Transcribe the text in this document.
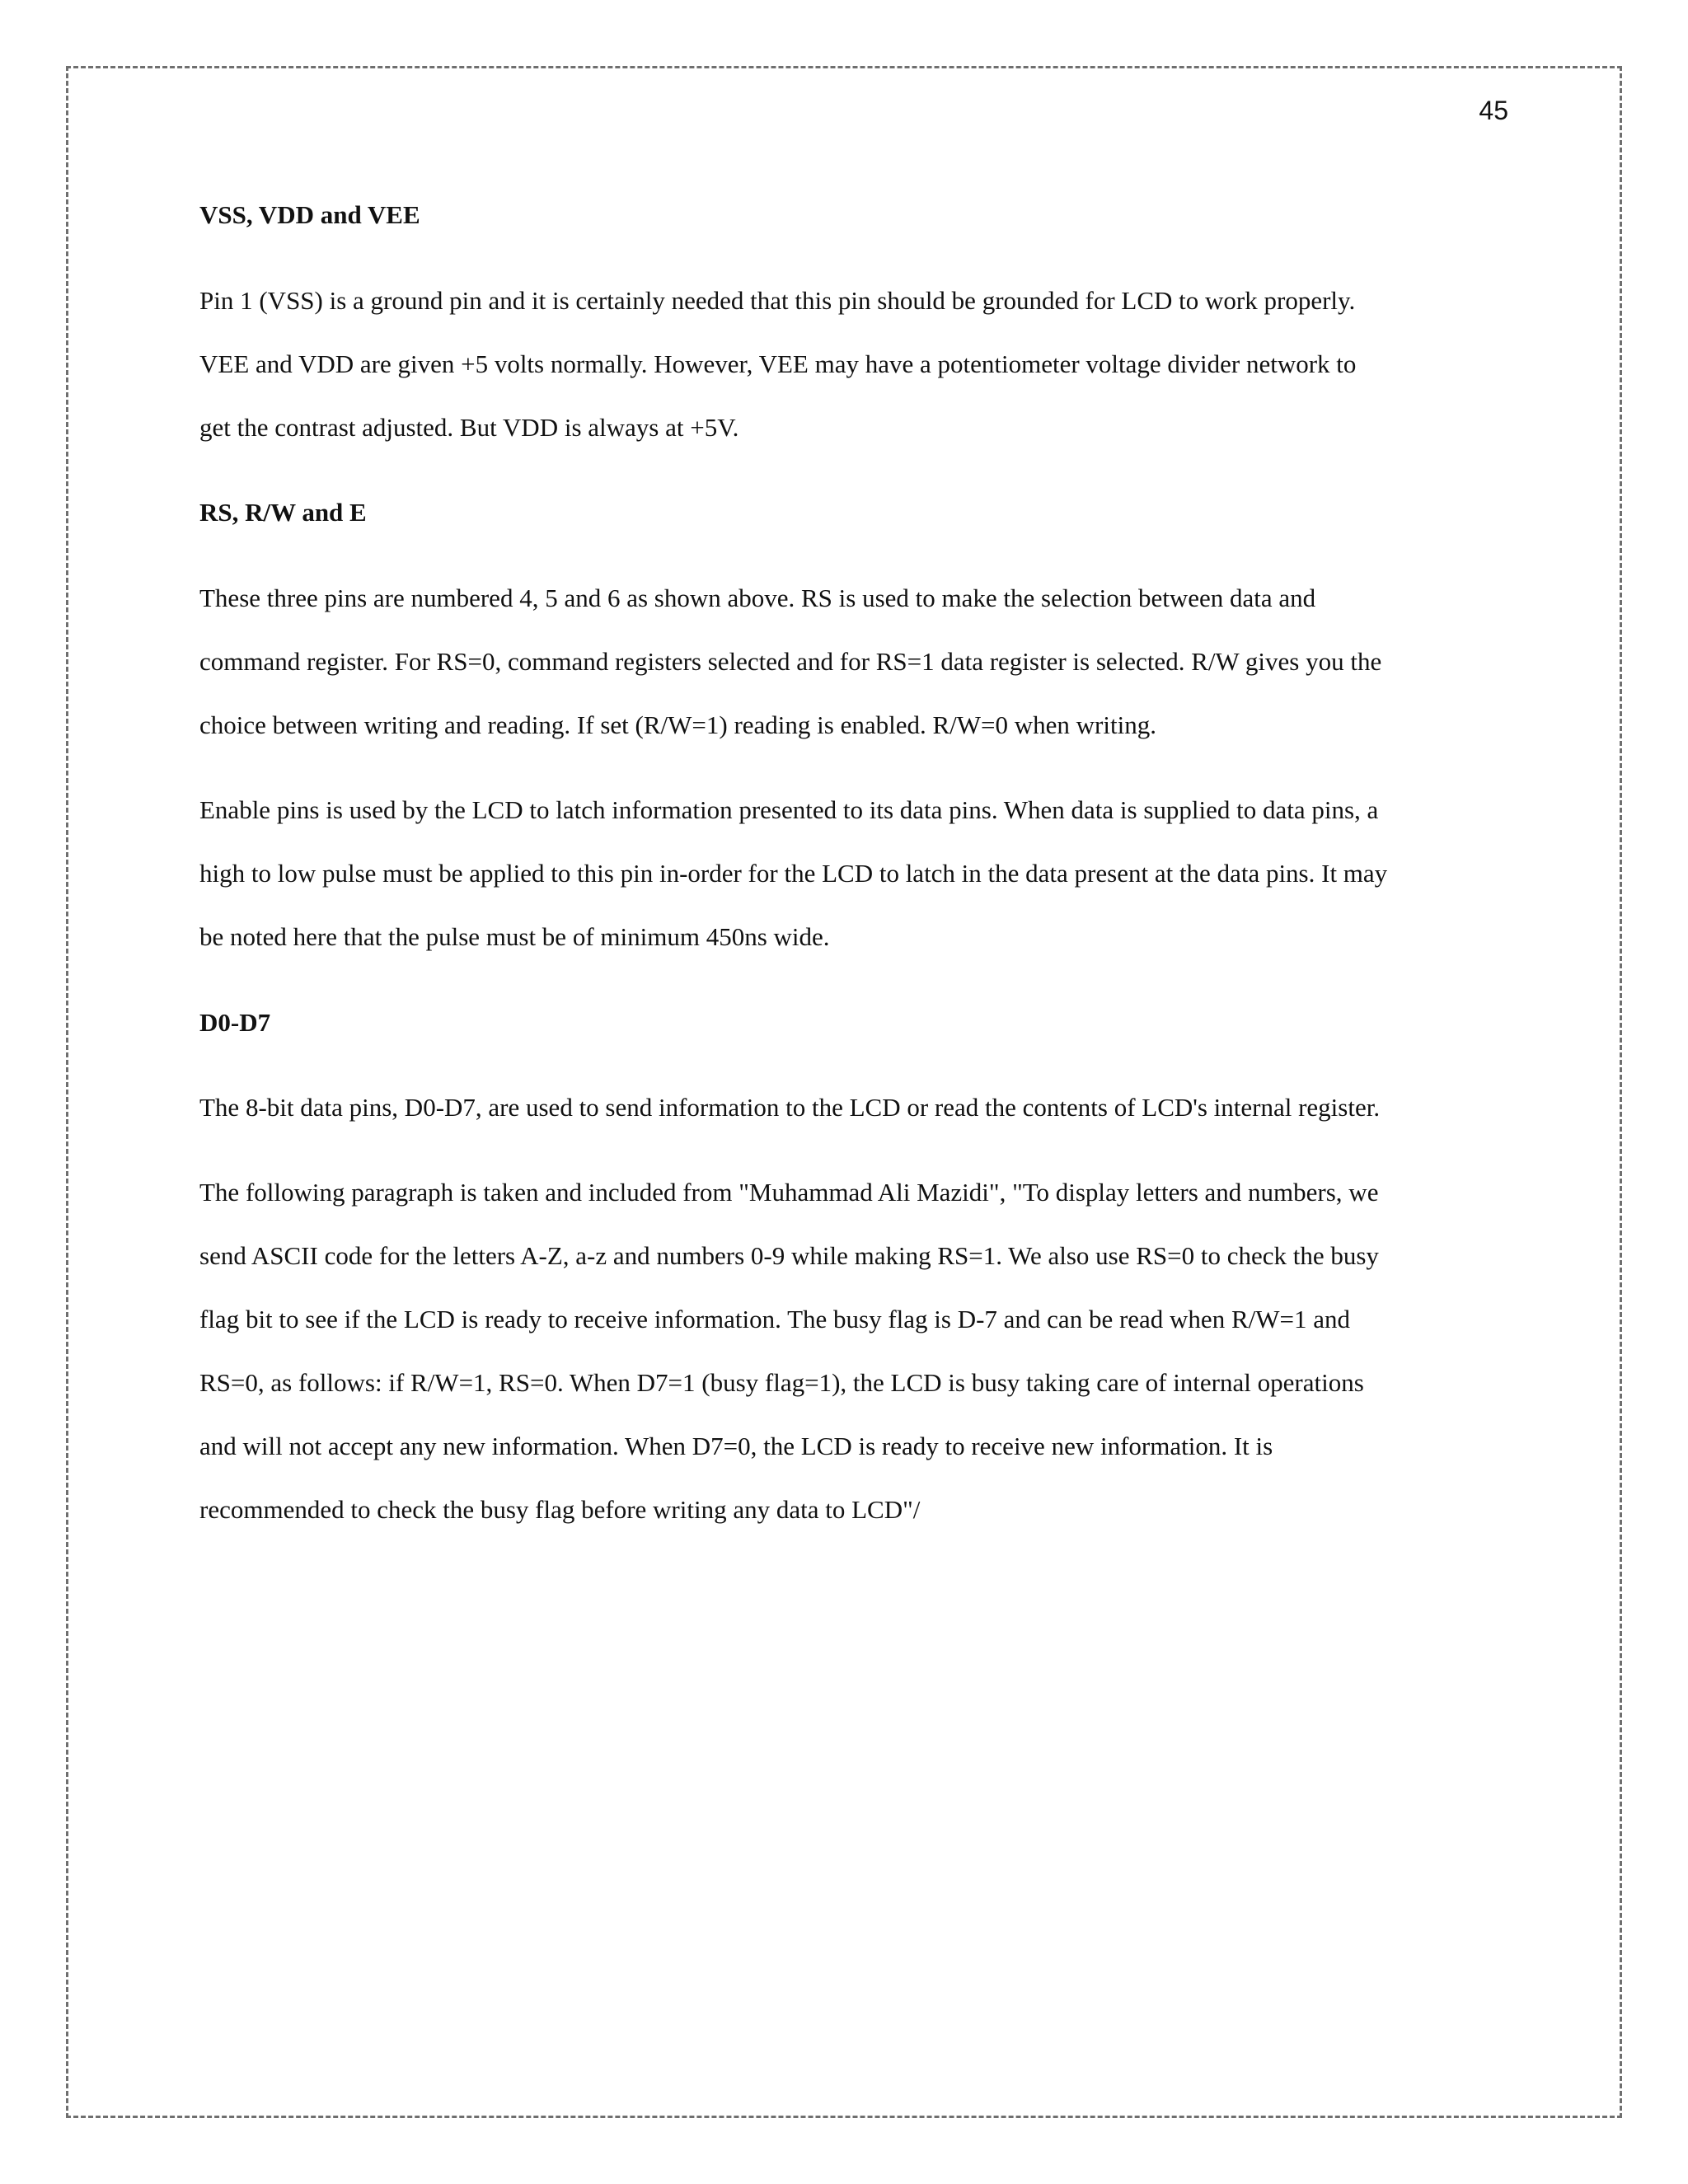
45
VSS, VDD and VEE
Pin 1 (VSS) is a ground pin and it is certainly needed that this pin should be grounded for LCD to work properly.
VEE and VDD are given +5 volts normally. However, VEE may have a potentiometer voltage divider network to
get the contrast adjusted. But VDD is always at +5V.
RS, R/W and E
These three pins are numbered 4, 5 and 6 as shown above. RS is used to make the selection between data and
command register. For RS=0, command registers selected and for RS=1 data register is selected. R/W gives you the
choice between writing and reading. If set (R/W=1) reading is enabled. R/W=0 when writing.
Enable pins is used by the LCD to latch information presented to its data pins. When data is supplied to data pins, a
high to low pulse must be applied to this pin in-order for the LCD to latch in the data present at the data pins. It may
be noted here that the pulse must be of minimum 450ns wide.
D0-D7
The 8-bit data pins, D0-D7, are used to send information to the LCD or read the contents of LCD's internal register.
The following paragraph is taken and included from "Muhammad Ali Mazidi", "To display letters and numbers, we
send ASCII code for the letters A-Z, a-z and numbers 0-9 while making RS=1. We also use RS=0 to check the busy
flag bit to see if the LCD is ready to receive information. The busy flag is D-7 and can be read when R/W=1 and
RS=0, as follows: if R/W=1, RS=0. When D7=1 (busy flag=1), the LCD is busy taking care of internal operations
and will not accept any new information. When D7=0, the LCD is ready to receive new information. It is
recommended to check the busy flag before writing any data to LCD"/
